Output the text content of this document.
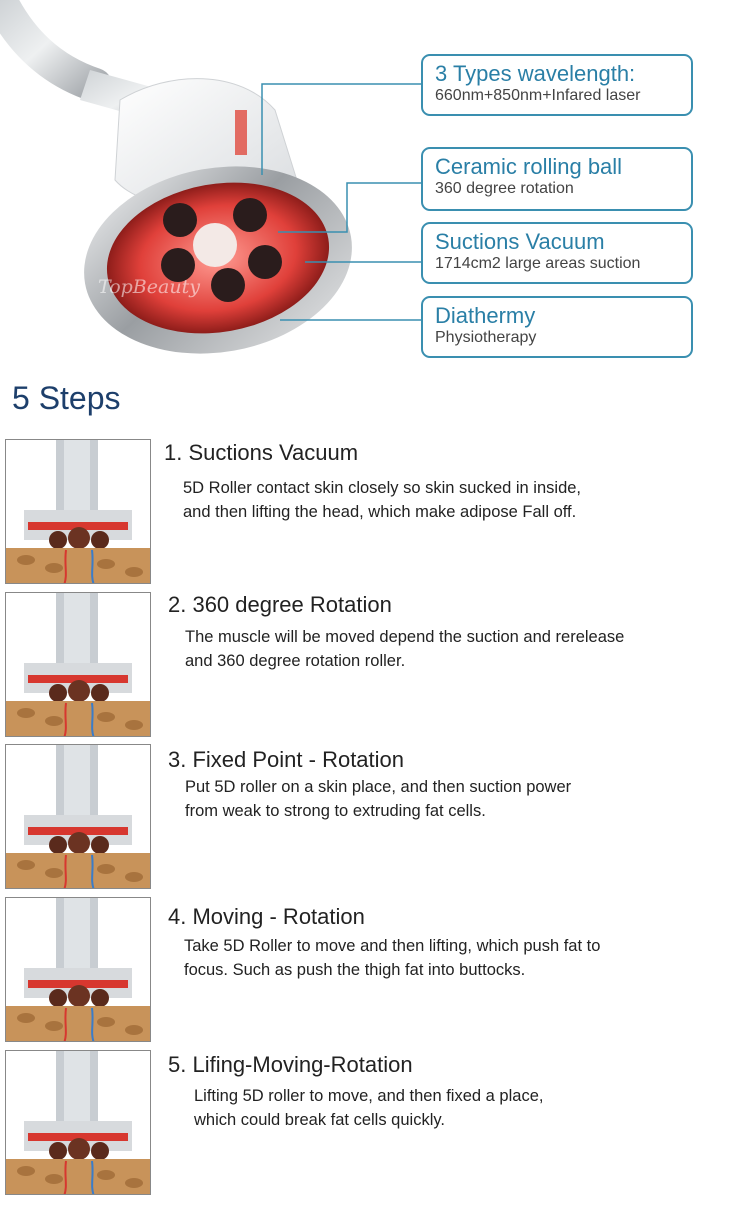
TopBeauty
3 Types wavelength:
660nm+850nm+Infared laser
Ceramic rolling ball
360 degree rotation
Suctions Vacuum
1714cm2 large areas suction
Diathermy
Physiotherapy
5 Steps
1. Suctions Vacuum
5D Roller contact skin closely so skin sucked in inside,
and then lifting the head, which make adipose Fall off.
2. 360 degree Rotation
The muscle will be moved depend the suction and rerelease
and 360 degree rotation roller.
3. Fixed Point - Rotation
Put 5D roller on a skin place, and then suction power
from weak to strong to extruding fat cells.
4. Moving - Rotation
Take 5D Roller to move and then lifting, which push fat to
focus. Such as push the thigh fat into buttocks.
5. Lifing-Moving-Rotation
Lifting 5D roller to move, and then fixed a place,
which could break fat cells quickly.
